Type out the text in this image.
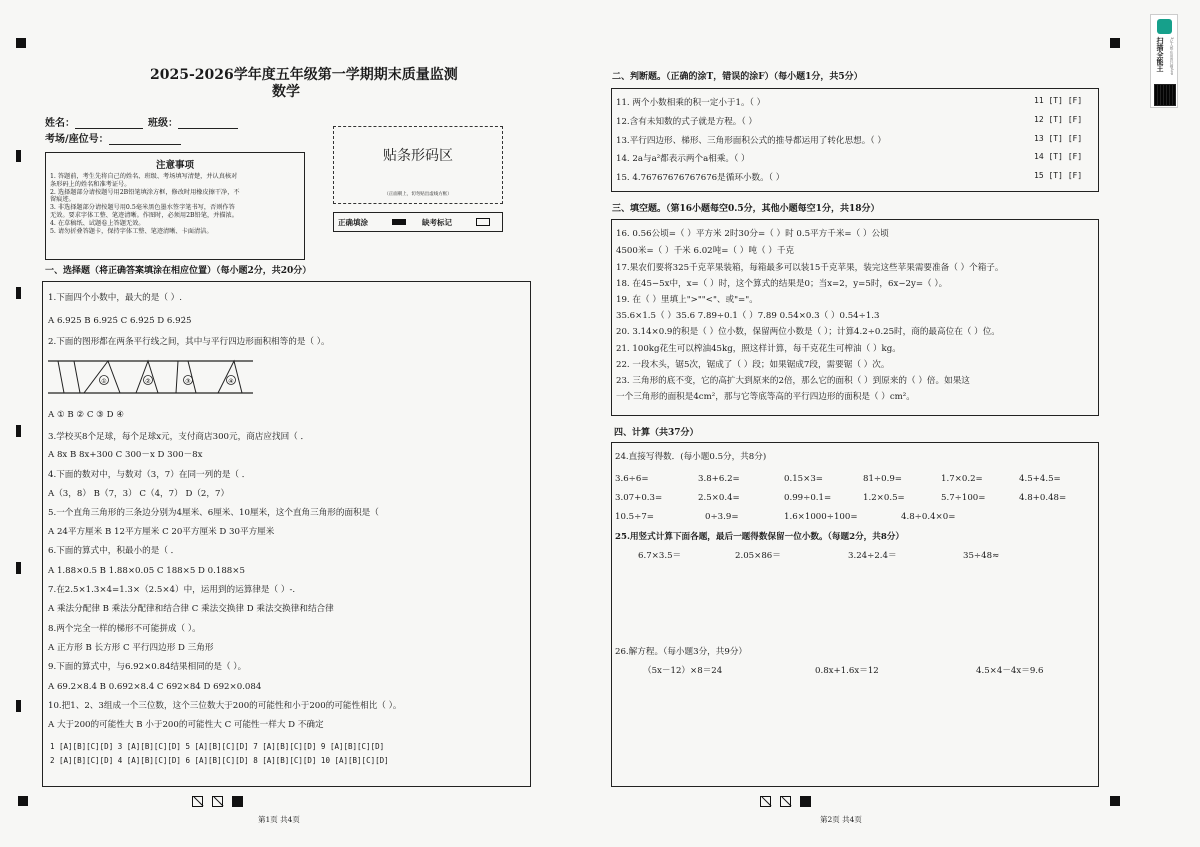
扫描全能王	3亿人都在用的扫描App
2025-2026学年度五年级第一学期期末质量监测
数学
姓名：	班级：
考场/座位号：
贴条形码区
（正面朝上，切勿贴出虚线方框）
正确填涂	缺考标记
注意事项

1. 答题前，考生先将自己的姓名、班级、考场填写清楚，并认真核对

条形码上的姓名和准考证号。

2. 选择题部分请按题号用2B铅笔填涂方框，修改时用橡皮擦干净，不

留痕迹。

3. 非选择题部分请按题号用0.5毫米黑色墨水签字笔书写，否则作答

无效。要求字体工整、笔迹清晰。作图时，必须用2B铅笔，并描浓。

4. 在草稿纸、试题卷上答题无效。

5. 请勿折叠答题卡，保持字体工整、笔迹清晰、卡面清洁。

一、选择题（将正确答案填涂在相应位置）（每小题2分，共20分）
1.下面四个小数中，最大的是（ ）.
A 6.925 B 6.925̇ C 6.9̇25̇ D 6.92̇5̇
2.下面的图形都在两条平行线之间，其中与平行四边形面积相等的是（ ）。
①	②	③	④
A ① B ② C ③ D ④
3.学校买8个足球，每个足球x元，支付商店300元，商店应找回（ ．
A 8x B 8x+300 C 300－x D 300－8x
4.下面的数对中，与数对（3，7）在同一列的是（ ．
A（3，8） B（7，3） C（4，7） D（2，7）
5.一个直角三角形的三条边分别为4厘米、6厘米、10厘米，这个直角三角形的面积是（
A 24平方厘米 B 12平方厘米 C 20平方厘米 D 30平方厘米
6.下面的算式中，积最小的是（ ．
A 1.88×0.5 B 1.88×0.05 C 188×5 D 0.188×5
7.在2.5×1.3×4=1.3×（2.5×4）中，运用到的运算律是（ ）-.
A 乘法分配律 B 乘法分配律和结合律 C 乘法交换律 D 乘法交换律和结合律
8.两个完全一样的梯形不可能拼成（ ）。
A 正方形 B 长方形 C 平行四边形 D 三角形
9.下面的算式中，与6.92×0.84结果相同的是（ ）。
A 69.2×8.4 B 0.692×8.4 C 692×84 D 692×0.084
10.把1、2、3组成一个三位数，这个三位数大于200的可能性和小于200的可能性相比（ ）。
A 大于200的可能性大 B 小于200的可能性大 C 可能性一样大 D 不确定
1 [A][B][C][D] 3 [A][B][C][D] 5 [A][B][C][D] 7 [A][B][C][D] 9 [A][B][C][D]
2 [A][B][C][D] 4 [A][B][C][D] 6 [A][B][C][D] 8 [A][B][C][D] 10 [A][B][C][D]
第1页 共4页
二、判断题。（正确的涂T，错误的涂F）（每小题1分，共5分）
11. 两个小数相乘的积一定小于1。（ ）	11 [T] [F]
12.含有未知数的式子就是方程。（ ）	12 [T] [F]
13.平行四边形、梯形、三角形面积公式的推导都运用了转化思想。（ ）	13 [T] [F]
14. 2a与a²都表示两个a相乘。（ ）	14 [T] [F]
15. 4.76767676767676是循环小数。（ ）	15 [T] [F]
三、填空题。（第16小题每空0.5分，其他小题每空1分，共18分）
16. 0.56公顷=（ ）平方米 2时30分=（ ）时 0.5平方千米=（ ）公顷
4500米=（ ）千米 6.02吨=（ ）吨（ ）千克
17.果农们要将325千克苹果装箱，每箱最多可以装15千克苹果，装完这些苹果需要准备（ ）个箱子。
18. 在45−5x中，x=（ ）时，这个算式的结果是0；当x=2，y=5时，6x−2y=（ ）。
19. 在（ ）里填上">""<"、或"="。
35.6×1.5（ ）35.6 7.89÷0.1（ ）7.89 0.54×0.3（ ）0.54÷1.3
20. 3.14×0.9的积是（ ）位小数，保留两位小数是（ ）；计算4.2÷0.25时，商的最高位在（ ）位。
21. 100kg花生可以榨油45kg，照这样计算，每千克花生可榨油（ ）kg。
22. 一段木头，锯5次，锯成了（ ）段；如果锯成7段，需要锯（ ）次。
23. 三角形的底不变，它的高扩大到原来的2倍，那么它的面积（ ）到原来的（ ）倍。如果这
一个三角形的面积是4cm²，那与它等底等高的平行四边形的面积是（ ）cm²。
四、计算（共37分）
24.直接写得数．(每小题0.5分，共8分)
3.6÷6=	3.8+6.2=	0.15×3=	81÷0.9=	1.7×0.2=	4.5+4.5=
3.07+0.3=	2.5×0.4=	0.99÷0.1=	1.2×0.5=	5.7÷100=	4.8+0.48=
10.5÷7=	0÷3.9=	1.6×1000÷100=	4.8÷0.4×0=
25.用竖式计算下面各题，最后一题得数保留一位小数。（每题2分，共8分）
6.7×3.5＝	2.05×86＝	3.24÷2.4＝	35÷48≈
26.解方程。（每小题3分，共9分）
（5x－12）×8＝24	0.8x+1.6x＝12	4.5×4－4x＝9.6
第2页 共4页
